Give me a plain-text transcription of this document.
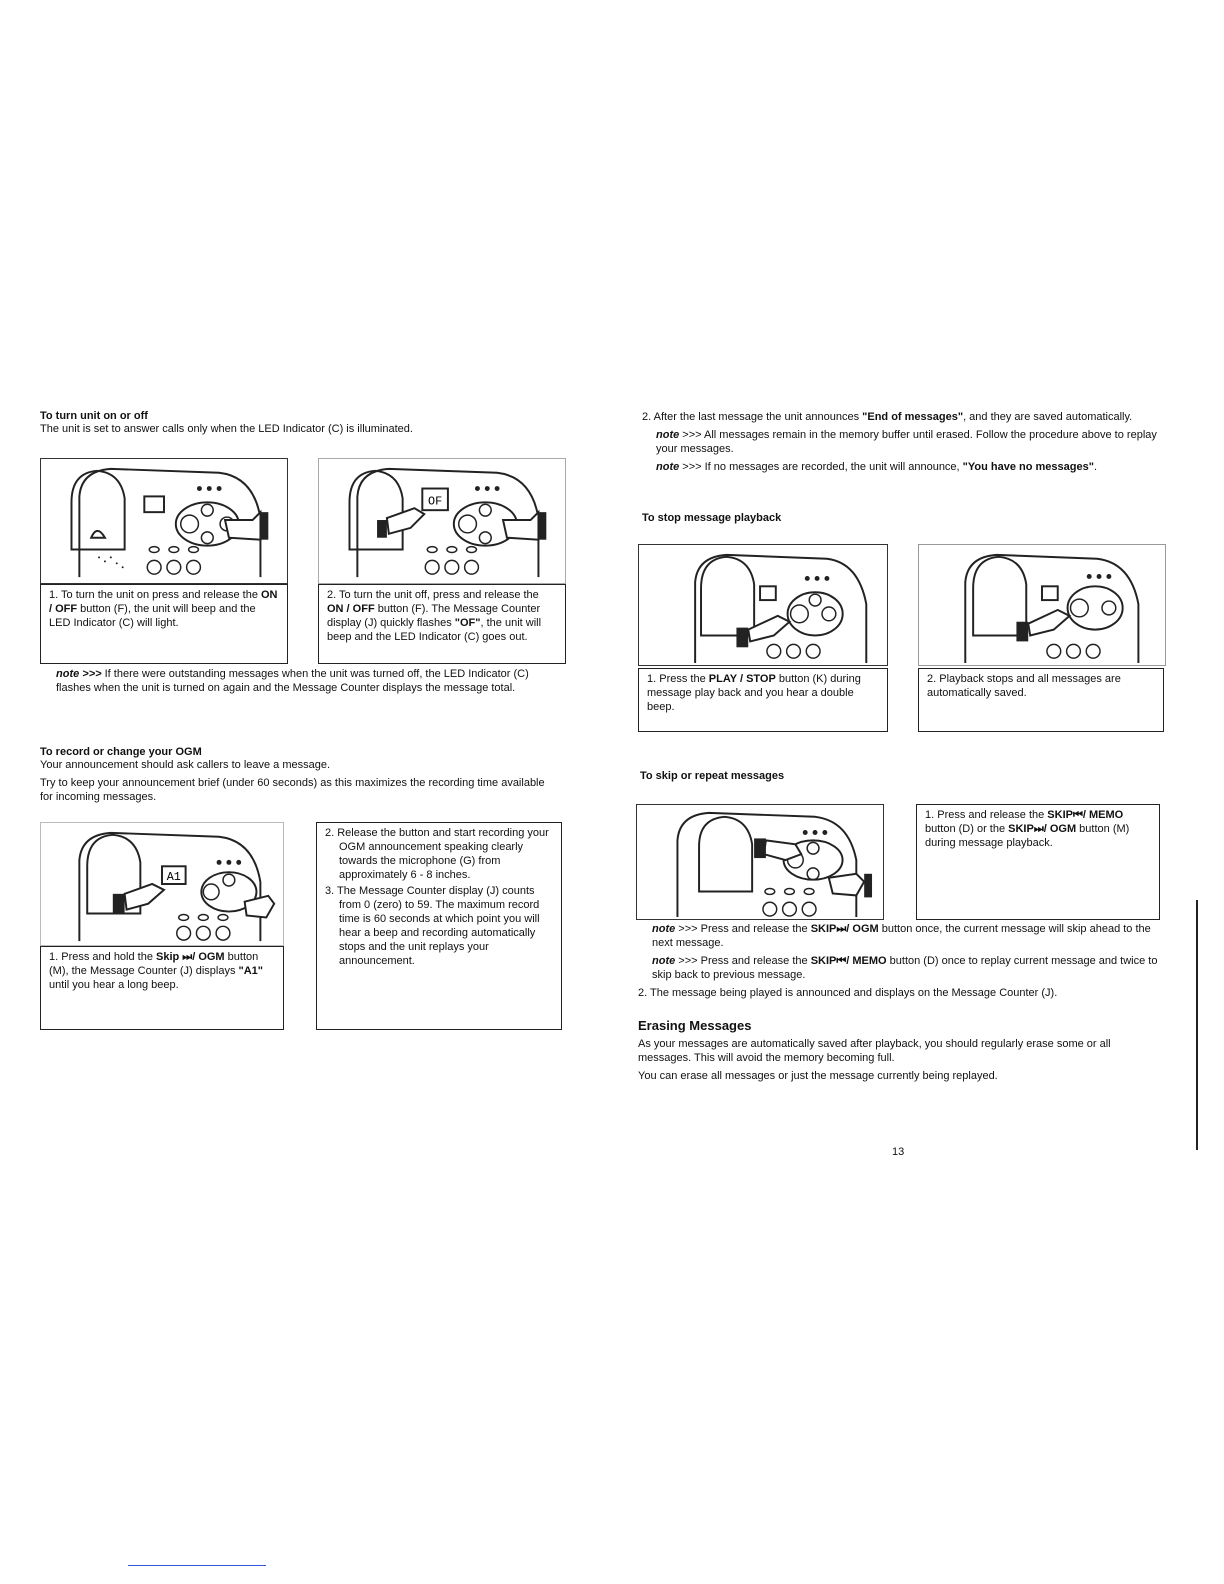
To turn unit on or off

The unit is set to answer calls only when the LED Indicator (C) is illuminated.

OF
1. To turn the unit on press and release the ON / OFF button (F), the unit will beep and the LED Indicator (C) will light.
2. To turn the unit off, press and release the ON / OFF button (F). The Message Counter display (J) quickly flashes "OF", the unit will beep and the LED Indicator (C) goes out.
note >>> If there were outstanding messages when the unit was turned off, the LED Indicator (C) flashes when the unit is turned on again and the Message Counter displays the message total.

To record or change your OGM

Your announcement should ask callers to leave a message.

Try to keep your announcement brief (under 60 seconds) as this maximizes the recording time available for incoming messages.

A1
1. Press and hold the Skip ⏭/ OGM button (M), the Message Counter (J) displays "A1" until you hear a long beep.

2. Release the button and start recording your OGM announcement speaking clearly towards the microphone (G) from approximately 6 - 8 inches.

3. The Message Counter display (J) counts from 0 (zero) to 59. The maximum record time is 60 seconds at which point you will hear a beep and recording automatically stops and the unit replays your announcement.

2. After the last message the unit announces "End of messages", and they are saved automatically.

note >>> All messages remain in the memory buffer until erased. Follow the procedure above to replay your messages.
note >>> If no messages are recorded, the unit will announce, "You have no messages".

To stop message playback

1. Press the PLAY / STOP button (K) during message play back and you hear a double beep.
2. Playback stops and all messages are automatically saved.

To skip or repeat messages

1. Press and release the SKIP⏮/ MEMO button (D) or the SKIP⏭/ OGM button (M) during message playback.
note >>> Press and release the SKIP⏭/ OGM button once, the current message will skip ahead to the next message.
note >>> Press and release the SKIP⏮/ MEMO button (D) once to replay current message and twice to skip back to previous message.

2. The message being played is announced and displays on the Message Counter (J).

Erasing Messages

As your messages are automatically saved after playback, you should regularly erase some or all messages. This will avoid the memory becoming full.

You can erase all messages or just the message currently being replayed.

13
